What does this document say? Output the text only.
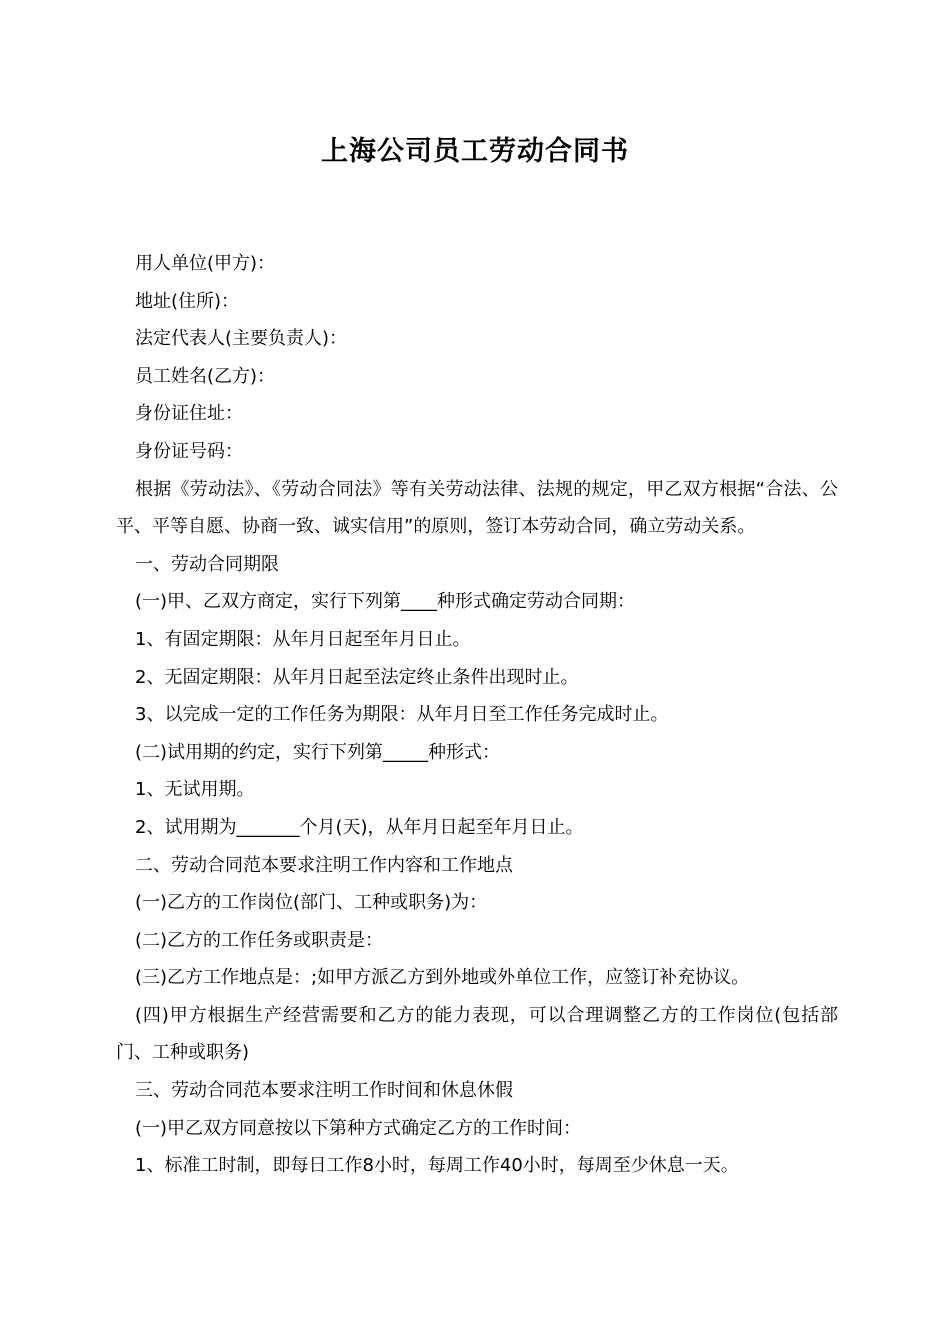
上海公司员工劳动合同书

用人单位(甲方)：

地址(住所)：

法定代表人(主要负责人)：

员工姓名(乙方)：

身份证住址：

身份证号码：

根据《劳动法》、《劳动合同法》等有关劳动法律、法规的规定，甲乙双方根据“合法、公平、平等自愿、协商一致、诚实信用”的原则，签订本劳动合同，确立劳动关系。

一、劳动合同期限

(一)甲、乙双方商定，实行下列第____种形式确定劳动合同期：

1、有固定期限：从年月日起至年月日止。

2、无固定期限：从年月日起至法定终止条件出现时止。

3、以完成一定的工作任务为期限：从年月日至工作任务完成时止。

(二)试用期的约定，实行下列第_____种形式：

1、无试用期。

2、试用期为_______个月(天)，从年月日起至年月日止。

二、劳动合同范本要求注明工作内容和工作地点

(一)乙方的工作岗位(部门、工种或职务)为：

(二)乙方的工作任务或职责是：

(三)乙方工作地点是：;如甲方派乙方到外地或外单位工作，应签订补充协议。

(四)甲方根据生产经营需要和乙方的能力表现，可以合理调整乙方的工作岗位(包括部门、工种或职务)

三、劳动合同范本要求注明工作时间和休息休假

(一)甲乙双方同意按以下第种方式确定乙方的工作时间：

1、标准工时制，即每日工作8小时，每周工作40小时，每周至少休息一天。
